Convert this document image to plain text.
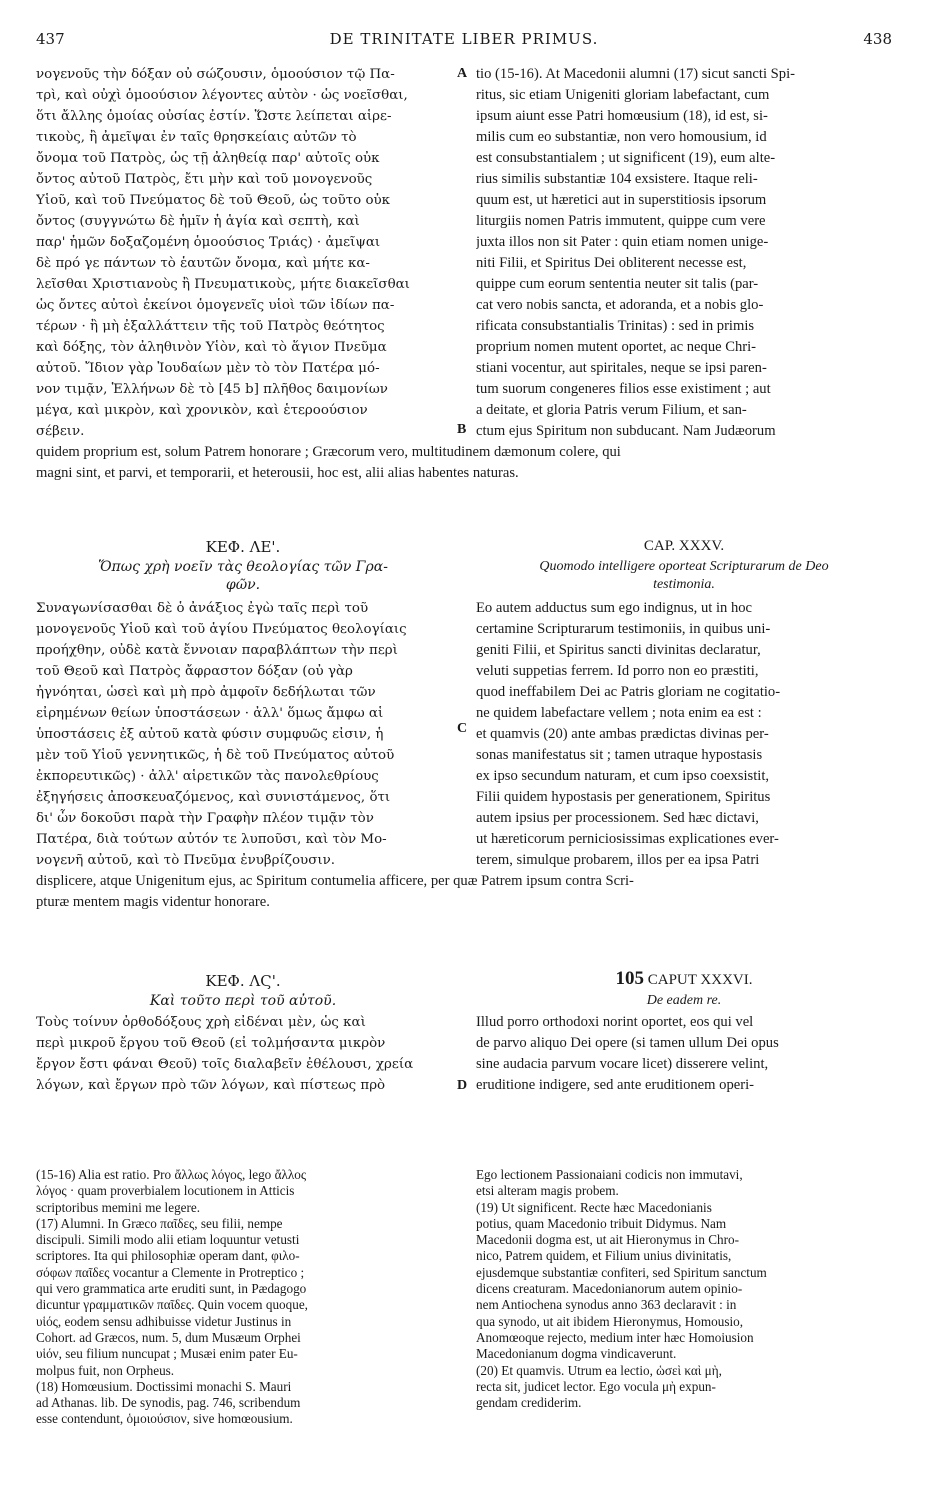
437	DE TRINITATE LIBER PRIMUS.	438
νογενοῦς τὴν δόξαν οὐ σώζουσιν, ὁμοούσιον τῷ Πα-
τρὶ, καὶ οὐχὶ ὁμοούσιον λέγοντες αὐτὸν · ὡς νοεῖσθαι,
ὅτι ἄλλης ὁμοίας οὐσίας ἐστίν. Ὥστε λείπεται αἱρε-
τικοὺς, ἢ ἀμεῖψαι ἐν ταῖς θρησκείαις αὐτῶν τὸ
ὄνομα τοῦ Πατρὸς, ὡς τῇ ἀληθείᾳ παρ' αὐτοῖς οὐκ
ὄντος αὐτοῦ Πατρὸς, ἔτι μὴν καὶ τοῦ μονογενοῦς
Υἱοῦ, καὶ τοῦ Πνεύματος δὲ τοῦ Θεοῦ, ὡς τοῦτο οὐκ
ὄντος (συγγνώτω δὲ ἡμῖν ἡ ἁγία καὶ σεπτὴ, καὶ
παρ' ἡμῶν δοξαζομένη ὁμοούσιος Τριάς) · ἀμεῖψαι
δὲ πρό γε πάντων τὸ ἑαυτῶν ὄνομα, καὶ μήτε κα-
λεῖσθαι Χριστιανοὺς ἢ Πνευματικοὺς, μήτε διακεῖσθαι
ὡς ὄντες αὐτοὶ ἐκείνοι ὁμογενεῖς υἱοὶ τῶν ἰδίων πα-
τέρων · ἢ μὴ ἐξαλλάττειν τῆς τοῦ Πατρὸς θεότητος
καὶ δόξης, τὸν ἀληθινὸν Υἱὸν, καὶ τὸ ἅγιον Πνεῦμα
αὐτοῦ. Ἴδιον γὰρ Ἰουδαίων μὲν τὸ τὸν Πατέρα μό-
νον τιμᾷν, Ἑλλήνων δὲ τὸ [45 b] πλῆθος δαιμονίων
μέγα, καὶ μικρὸν, καὶ χρονικὸν, καὶ ἑτεροούσιον
σέβειν.
tio (15-16). At Macedonii alumni (17) sicut sancti Spi-
ritus, sic etiam Unigeniti gloriam labefactant, cum
ipsum aiunt esse Patri homœusium (18), id est, si-
milis cum eo substantiæ, non vero homousium, id
est consubstantialem ; ut significent (19), eum alte-
rius similis substantiæ 104 exsistere. Itaque reli-
quum est, ut hæretici aut in superstitiosis ipsorum
liturgiis nomen Patris immutent, quippe cum vere
juxta illos non sit Pater : quin etiam nomen unige-
niti Filii, et Spiritus Dei obliterent necesse est,
quippe cum eorum sententia neuter sit talis (par-
cat vero nobis sancta, et adoranda, et a nobis glo-
rificata consubstantialis Trinitas) : sed in primis
proprium nomen mutent oportet, ac neque Chri-
stiani vocentur, aut spiritales, neque se ipsi paren-
tum suorum congeneres filios esse existiment ; aut
a deitate, et gloria Patris verum Filium, et san-
ctum ejus Spiritum non subducant. Nam Judæorum
A
B
quidem proprium est, solum Patrem honorare ; Græcorum vero, multitudinem dæmonum colere, qui
magni sint, et parvi, et temporarii, et heterousii, hoc est, alii alias habentes naturas.
ΚΕΦ. ΛΕ'.
Ὅπως χρὴ νοεῖν τὰς θεολογίας τῶν Γρα-
φῶν.
CAP. XXXV.
Quomodo intelligere oporteat Scripturarum de Deo
testimonia.
Συναγωνίσασθαι δὲ ὁ ἀνάξιος ἐγὼ ταῖς περὶ τοῦ
μονογενοῦς Υἱοῦ καὶ τοῦ ἁγίου Πνεύματος θεολογίαις
προήχθην, οὐδὲ κατὰ ἔννοιαν παραβλάπτων τὴν περὶ
τοῦ Θεοῦ καὶ Πατρὸς ἄφραστον δόξαν (οὐ γὰρ
ἠγνόηται, ὡσεὶ καὶ μὴ πρὸ ἀμφοῖν δεδήλωται τῶν
εἰρημένων θείων ὑποστάσεων · ἀλλ' ὅμως ἄμφω αἱ
ὑποστάσεις ἐξ αὐτοῦ κατὰ φύσιν συμφυῶς εἰσιν, ἡ
μὲν τοῦ Υἱοῦ γεννητικῶς, ἡ δὲ τοῦ Πνεύματος αὐτοῦ
ἐκπορευτικῶς) · ἀλλ' αἱρετικῶν τὰς πανολεθρίους
ἐξηγήσεις ἀποσκευαζόμενος, καὶ συνιστάμενος, ὅτι
δι' ὧν δοκοῦσι παρὰ τὴν Γραφὴν πλέον τιμᾷν τὸν
Πατέρα, διὰ τούτων αὐτόν τε λυποῦσι, καὶ τὸν Μο-
νογενῆ αὐτοῦ, καὶ τὸ Πνεῦμα ἐνυβρίζουσιν.
Eo autem adductus sum ego indignus, ut in hoc
certamine Scripturarum testimoniis, in quibus uni-
geniti Filii, et Spiritus sancti divinitas declaratur,
veluti suppetias ferrem. Id porro non eo præstiti,
quod ineffabilem Dei ac Patris gloriam ne cogitatio-
ne quidem labefactare vellem ; nota enim ea est :
et quamvis (20) ante ambas prædictas divinas per-
sonas manifestatus sit ; tamen utraque hypostasis
ex ipso secundum naturam, et cum ipso coexsistit,
Filii quidem hypostasis per generationem, Spiritus
autem ipsius per processionem. Sed hæc dictavi,
ut hæreticorum perniciosissimas explicationes ever-
terem, simulque probarem, illos per ea ipsa Patri
C
displicere, atque Unigenitum ejus, ac Spiritum contumelia afficere, per quæ Patrem ipsum contra Scri-
pturæ mentem magis videntur honorare.
ΚΕΦ. ΛϚ'.
Καὶ τοῦτο περὶ τοῦ αὐτοῦ.
105 CAPUT XXXVI.
De eadem re.
Τοὺς τοίνυν ὀρθοδόξους χρὴ εἰδέναι μὲν, ὡς καὶ
περὶ μικροῦ ἔργου τοῦ Θεοῦ (εἰ τολμήσαντα μικρὸν
ἔργον ἔστι φάναι Θεοῦ) τοῖς διαλαβεῖν ἐθέλουσι, χρεία
λόγων, καὶ ἔργων πρὸ τῶν λόγων, καὶ πίστεως πρὸ
Illud porro orthodoxi norint oportet, eos qui vel
de parvo aliquo Dei opere (si tamen ullum Dei opus
sine audacia parvum vocare licet) disserere velint,
eruditione indigere, sed ante eruditionem operi-
D
(15-16) Alia est ratio. Pro ἄλλως λόγος, lego ἄλλος
λόγος · quam proverbialem locutionem in Atticis
scriptoribus memini me legere.
(17) Alumni. In Græco παῖδες, seu filii, nempe
discipuli. Simili modo alii etiam loquuntur vetusti
scriptores. Ita qui philosophiæ operam dant, φιλο-
σόφων παῖδες vocantur a Clemente in Protreptico ;
qui vero grammatica arte eruditi sunt, in Pædagogo
dicuntur γραμματικῶν παῖδες. Quin vocem quoque,
υἱός, eodem sensu adhibuisse videtur Justinus in
Cohort. ad Græcos, num. 5, dum Musæum Orphei
υἱόν, seu filium nuncupat ; Musæi enim pater Eu-
molpus fuit, non Orpheus.
(18) Homœusium. Doctissimi monachi S. Mauri
ad Athanas. lib. De synodis, pag. 746, scribendum
esse contendunt, ὁμοιούσιον, sive homœousium.
Ego lectionem Passionaiani codicis non immutavi,
etsi alteram magis probem.
(19) Ut significent. Recte hæc Macedonianis
potius, quam Macedonio tribuit Didymus. Nam
Macedonii dogma est, ut ait Hieronymus in Chro-
nico, Patrem quidem, et Filium unius divinitatis,
ejusdemque substantiæ confiteri, sed Spiritum sanctum
dicens creaturam. Macedonianorum autem opinio-
nem Antiochena synodus anno 363 declaravit : in
qua synodo, ut ait ibidem Hieronymus, Homousio,
Anomœoque rejecto, medium inter hæc Homoiusion
Macedonianum dogma vindicaverunt.
(20) Et quamvis. Utrum ea lectio, ὡσεὶ καὶ μὴ,
recta sit, judicet lector. Ego vocula μὴ expun-
gendam crediderim.
